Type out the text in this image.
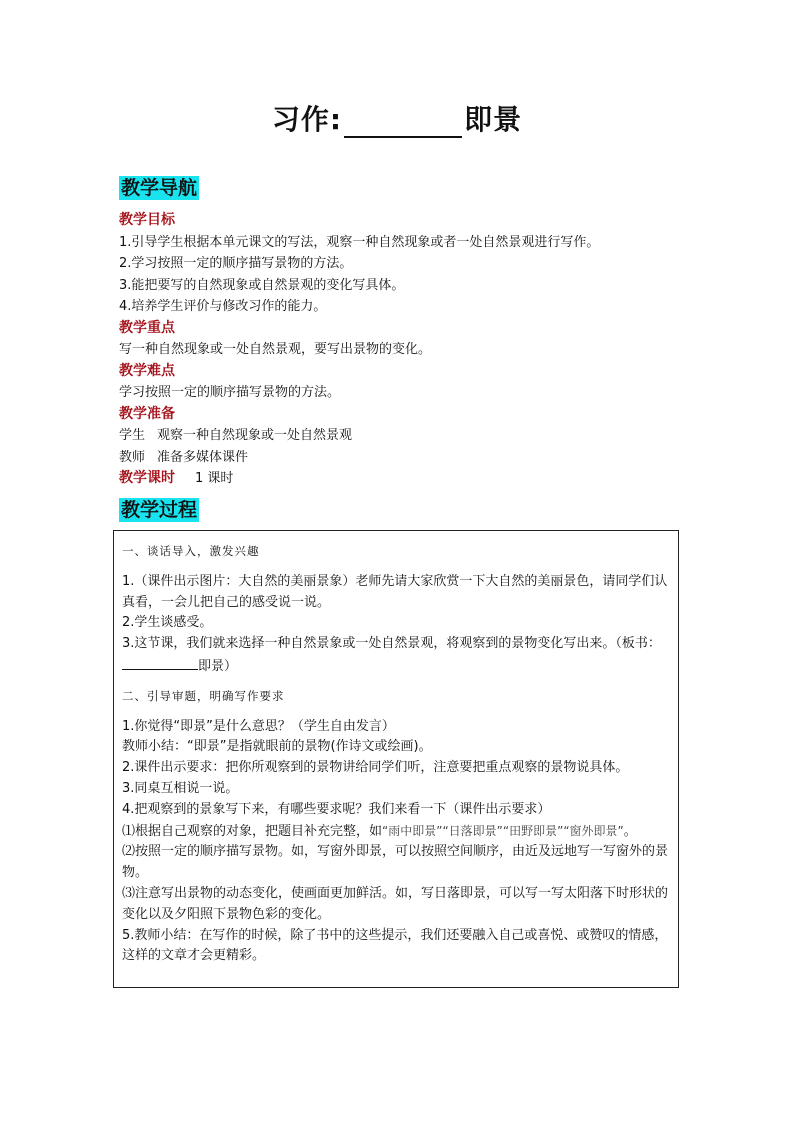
习作:	即景
教学导航
教学目标
1.引导学生根据本单元课文的写法，观察一种自然现象或者一处自然景观进行写作。
2.学习按照一定的顺序描写景物的方法。
3.能把要写的自然现象或自然景观的变化写具体。
4.培养学生评价与修改习作的能力。
教学重点
写一种自然现象或一处自然景观，要写出景物的变化。
教学难点
学习按照一定的顺序描写景物的方法。
教学准备
学生 观察一种自然现象或一处自然景观
教师 准备多媒体课件
教学课时 1 课时
教学过程
一、谈话导入，激发兴趣

1.（课件出示图片：大自然的美丽景象）老师先请大家欣赏一下大自然的美丽景色，请同学们认真看，一会儿把自己的感受说一说。

2.学生谈感受。

3.这节课，我们就来选择一种自然景象或一处自然景观，将观察到的景物变化写出来。（板书：即景）

二、引导审题，明确写作要求

1.你觉得“即景”是什么意思？（学生自由发言）

教师小结：“即景”是指就眼前的景物(作诗文或绘画)。

2.课件出示要求：把你所观察到的景物讲给同学们听，注意要把重点观察的景物说具体。

3.同桌互相说一说。

4.把观察到的景象写下来，有哪些要求呢？我们来看一下（课件出示要求）

⑴根据自己观察的对象，把题目补充完整，如“雨中即景”“日落即景”“田野即景”“窗外即景”。

⑵按照一定的顺序描写景物。如，写窗外即景，可以按照空间顺序，由近及远地写一写窗外的景物。

⑶注意写出景物的动态变化，使画面更加鲜活。如，写日落即景，可以写一写太阳落下时形状的变化以及夕阳照下景物色彩的变化。

5.教师小结：在写作的时候，除了书中的这些提示，我们还要融入自己或喜悦、或赞叹的情感，这样的文章才会更精彩。
